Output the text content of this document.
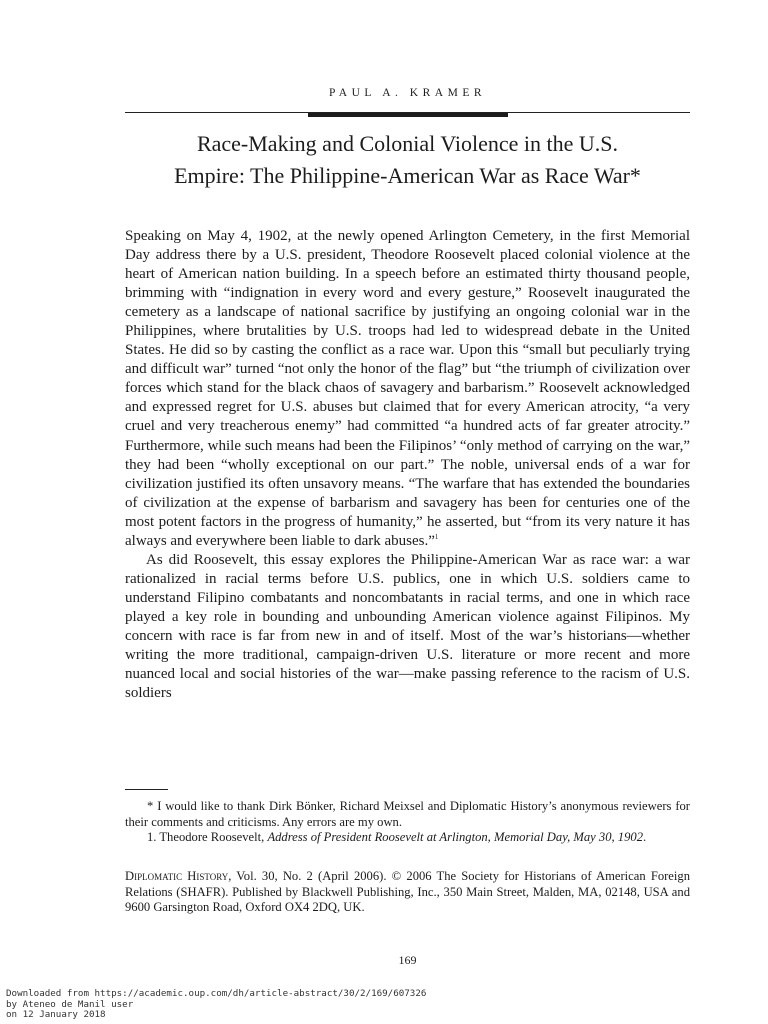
PAUL A. KRAMER
Race-Making and Colonial Violence in the U.S.
Empire: The Philippine-American War as Race War*

Speaking on May 4, 1902, at the newly opened Arlington Cemetery, in the first Memorial Day address there by a U.S. president, Theodore Roosevelt placed colonial violence at the heart of American nation building. In a speech before an estimated thirty thousand people, brimming with “indignation in every word and every gesture,” Roosevelt inaugurated the cemetery as a landscape of national sacrifice by justifying an ongoing colonial war in the Philippines, where brutalities by U.S. troops had led to widespread debate in the United States. He did so by casting the conflict as a race war. Upon this “small but peculiarly trying and difficult war” turned “not only the honor of the flag” but “the triumph of civilization over forces which stand for the black chaos of savagery and barbarism.” Roosevelt acknowledged and expressed regret for U.S. abuses but claimed that for every American atrocity, “a very cruel and very treacherous enemy” had committed “a hundred acts of far greater atrocity.” Furthermore, while such means had been the Filipinos’ “only method of carrying on the war,” they had been “wholly exceptional on our part.” The noble, universal ends of a war for civilization justified its often unsavory means. “The warfare that has extended the boundaries of civilization at the expense of barbarism and savagery has been for centuries one of the most potent factors in the progress of humanity,” he asserted, but “from its very nature it has always and everywhere been liable to dark abuses.”$^1$

As did Roosevelt, this essay explores the Philippine-American War as race war: a war rationalized in racial terms before U.S. publics, one in which U.S. soldiers came to understand Filipino combatants and noncombatants in racial terms, and one in which race played a key role in bounding and unbounding American violence against Filipinos. My concern with race is far from new in and of itself. Most of the war’s historians—whether writing the more traditional, campaign-driven U.S. literature or more recent and more nuanced local and social histories of the war—make passing reference to the racism of U.S. soldiers

* I would like to thank Dirk Bönker, Richard Meixsel and Diplomatic History’s anonymous reviewers for their comments and criticisms. Any errors are my own.

1. Theodore Roosevelt, Address of President Roosevelt at Arlington, Memorial Day, May 30, 1902.

Diplomatic History, Vol. 30, No. 2 (April 2006). © 2006 The Society for Historians of American Foreign Relations (SHAFR). Published by Blackwell Publishing, Inc., 350 Main Street, Malden, MA, 02148, USA and 9600 Garsington Road, Oxford OX4 2DQ, UK.

169
Downloaded from https://academic.oup.com/dh/article-abstract/30/2/169/607326
by Ateneo de Manil user
on 12 January 2018
